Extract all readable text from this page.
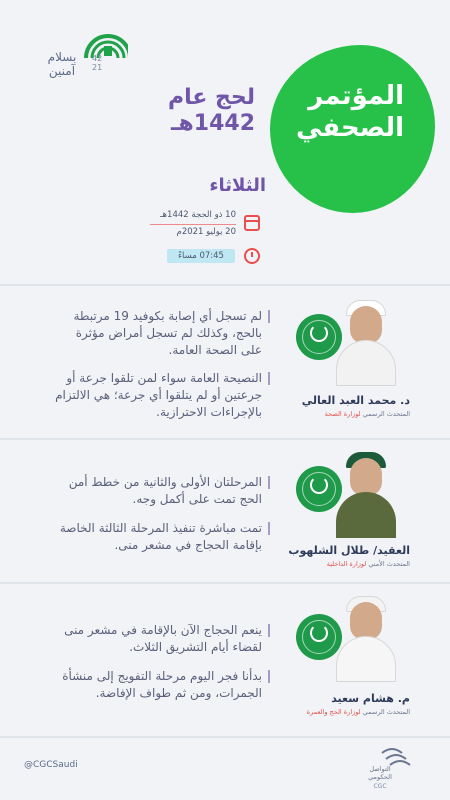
بسلام
آمنين
42
21
المؤتمر
الصحفي
لحج عام
1442هـ
الثلاثاء
10 ذو الحجة 1442هـ
20 يوليو 2021م
07:45 مساءً
د. محمد العبد العالي
المتحدث الرسمي لوزارة الصحة
لم تسجل أي إصابة بكوفيد 19 مرتبطة بالحج، وكذلك لم تسجل أمراض مؤثرة على الصحة العامة.
النصيحة العامة سواء لمن تلقوا جرعة أو جرعتين أو لم يتلقوا أي جرعة؛ هي الالتزام بالإجراءات الاحترازية.
العقيد/ طلال الشلهوب
المتحدث الأمني لوزارة الداخلية
المرحلتان الأولى والثانية من خطط أمن الحج تمت على أكمل وجه.
تمت مباشرة تنفيذ المرحلة الثالثة الخاصة بإقامة الحجاج في مشعر منى.
م. هشام سعيد
المتحدث الرسمي لوزارة الحج والعمرة
ينعم الحجاج الآن بالإقامة في مشعر منى لقضاء أيام التشريق الثلاث.
بدأنا فجر اليوم مرحلة التفويج إلى منشأة الجمرات، ومن ثم طواف الإفاضة.
@CGCSaudi	التواصل الحكومي
CGC
